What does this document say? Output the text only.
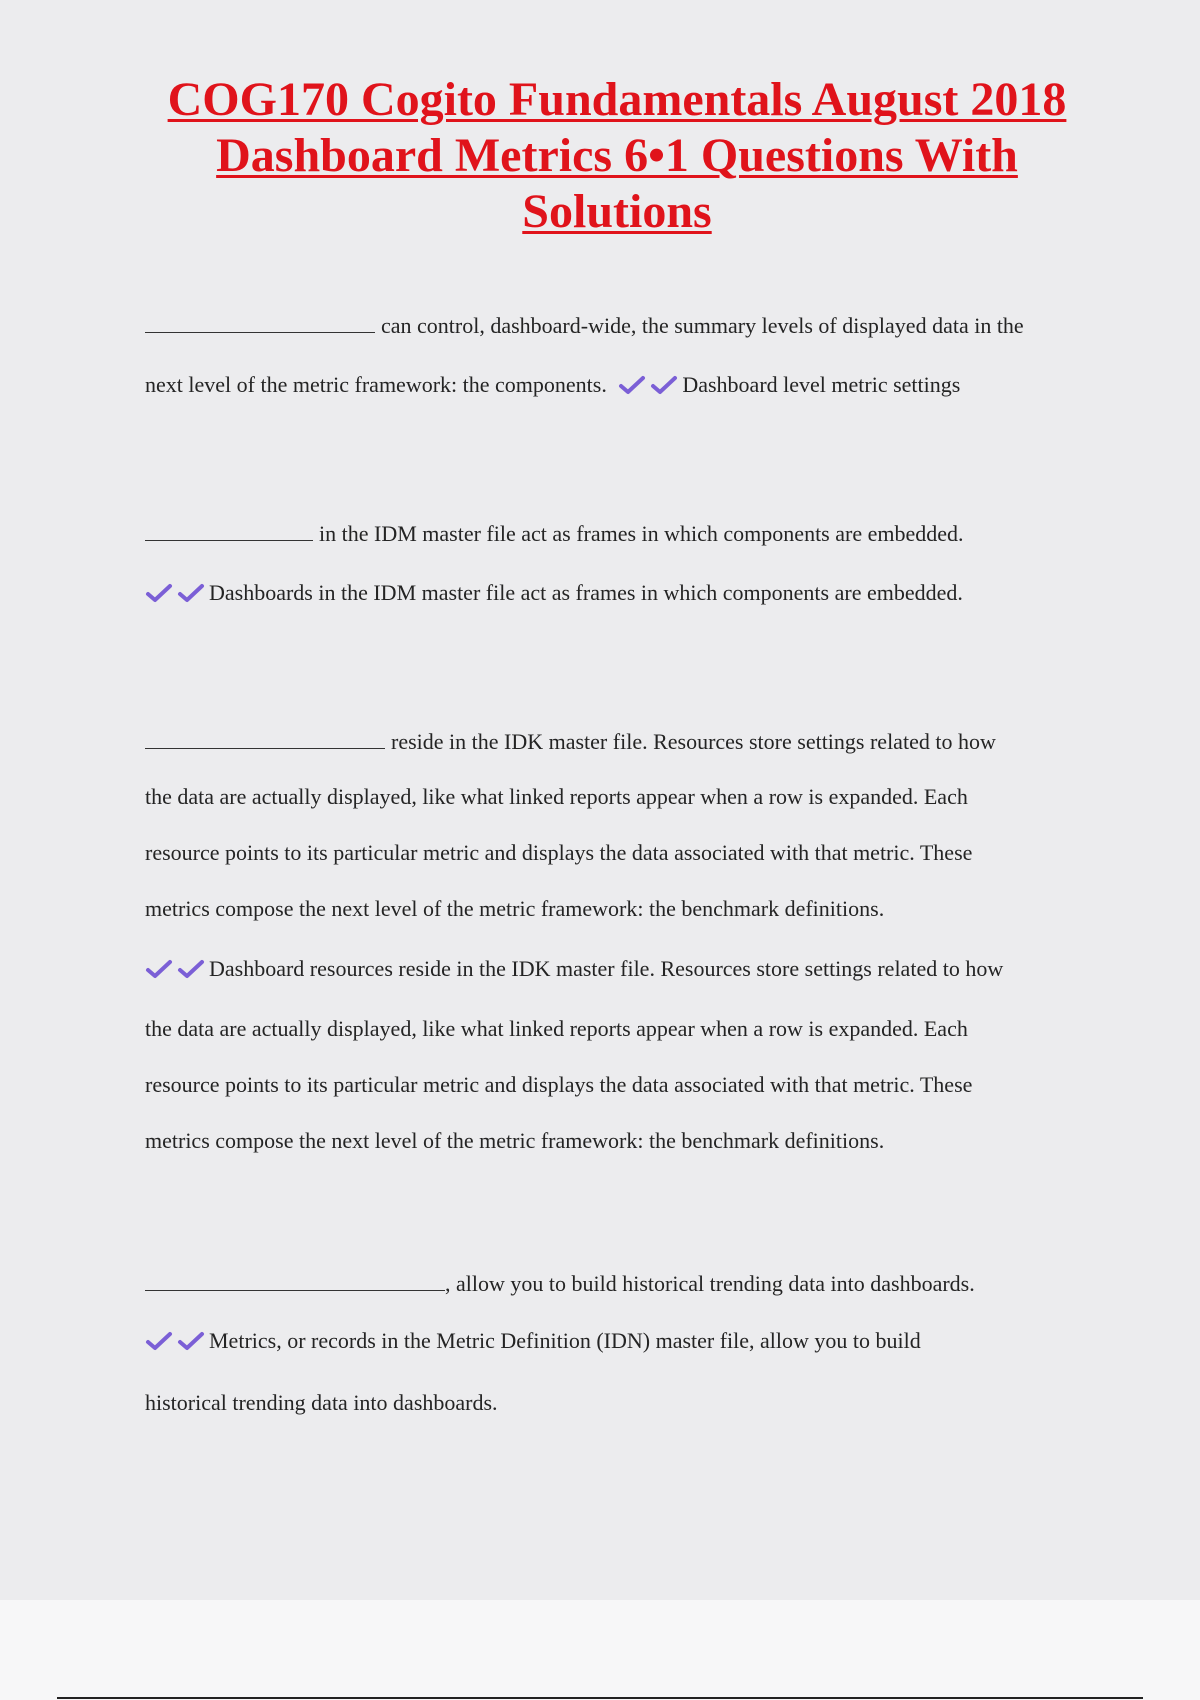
COG170 Cogito Fundamentals August 2018
Dashboard Metrics 6•1 Questions With
Solutions
can control, dashboard-wide, the summary levels of displayed data in the
next level of the metric framework: the components.	Dashboard level metric settings
in the IDM master file act as frames in which components are embedded.
Dashboards in the IDM master file act as frames in which components are embedded.
reside in the IDK master file. Resources store settings related to how
the data are actually displayed, like what linked reports appear when a row is expanded. Each
resource points to its particular metric and displays the data associated with that metric. These
metrics compose the next level of the metric framework: the benchmark definitions.
Dashboard resources reside in the IDK master file. Resources store settings related to how
the data are actually displayed, like what linked reports appear when a row is expanded. Each
resource points to its particular metric and displays the data associated with that metric. These
metrics compose the next level of the metric framework: the benchmark definitions.
, allow you to build historical trending data into dashboards.
Metrics, or records in the Metric Definition (IDN) master file, allow you to build
historical trending data into dashboards.
